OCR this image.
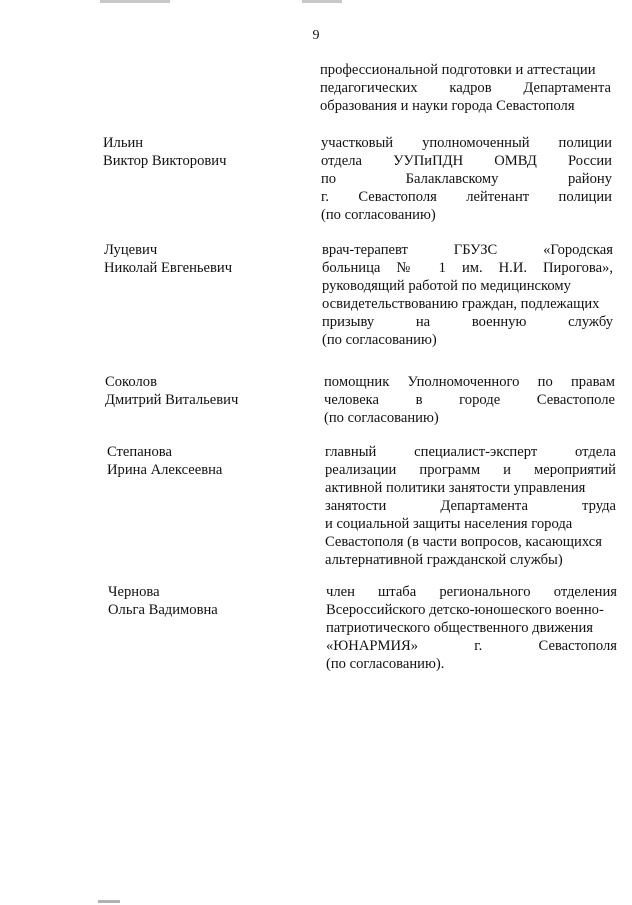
9
профессиональной подготовки и аттестации
педагогических кадров Департамента
образования и науки города Севастополя
Ильин
Виктор Викторович
участковый уполномоченный полиции
отдела УУПиПДН ОМВД России
по Балаклавскому району
г. Севастополя лейтенант полиции
(по согласованию)
Луцевич
Николай Евгеньевич
врач-терапевт ГБУЗС «Городская
больница № 1 им. Н.И. Пирогова»,
руководящий работой по медицинскому
освидетельствованию граждан, подлежащих
призыву на военную службу
(по согласованию)
Соколов
Дмитрий Витальевич
помощник Уполномоченного по правам
человека в городе Севастополе
(по согласованию)
Степанова
Ирина Алексеевна
главный специалист-эксперт отдела
реализации программ и мероприятий
активной политики занятости управления
занятости Департамента труда
и социальной защиты населения города
Севастополя (в части вопросов, касающихся
альтернативной гражданской службы)
Чернова
Ольга Вадимовна
член штаба регионального отделения
Всероссийского детско-юношеского военно-
патриотического общественного движения
«ЮНАРМИЯ» г. Севастополя
(по согласованию).
